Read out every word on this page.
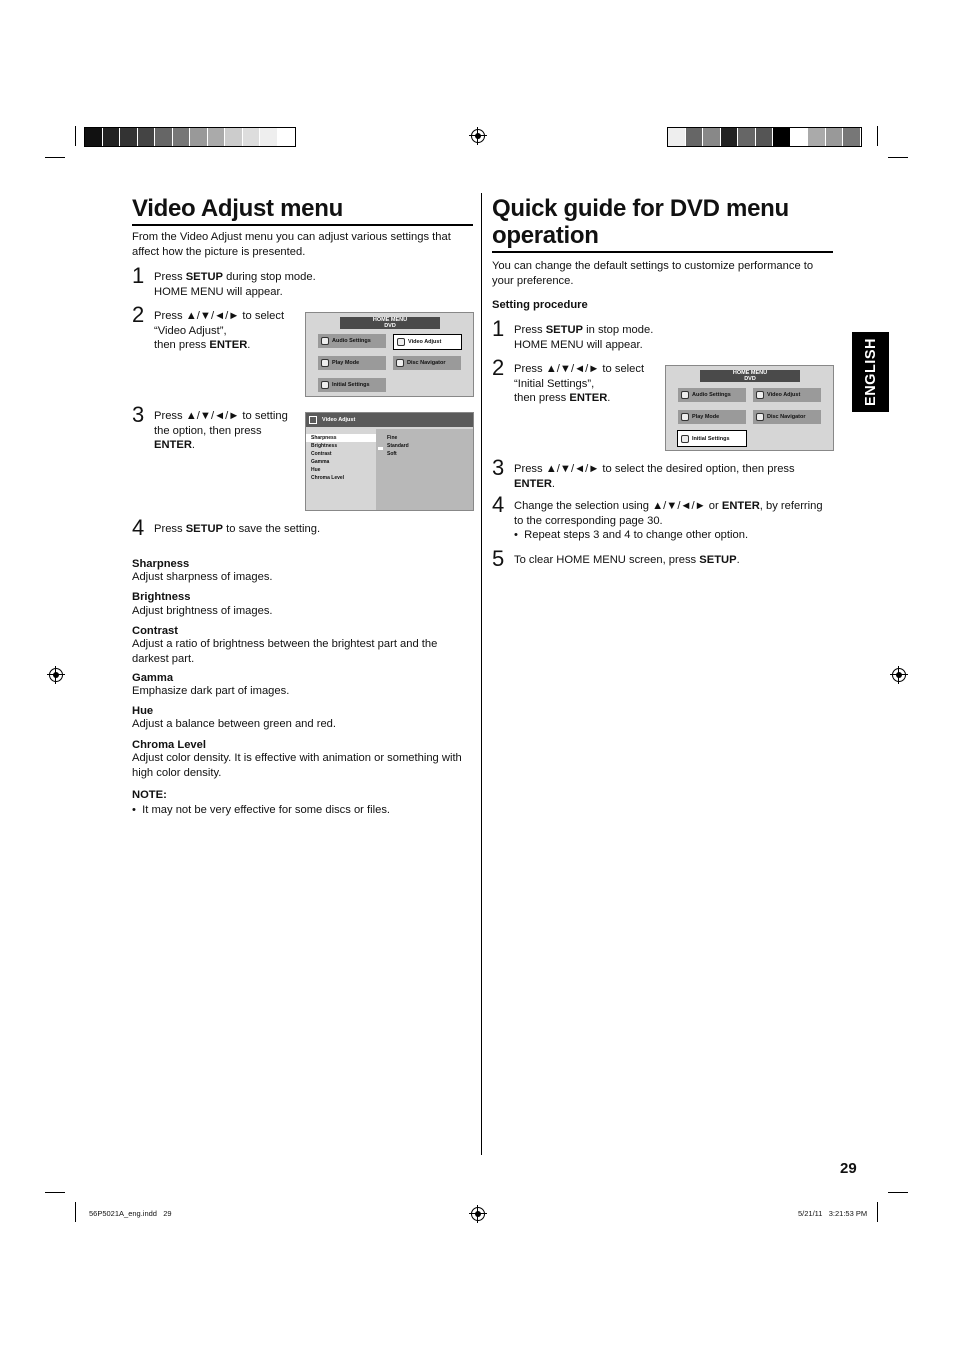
Video Adjust menu
From the Video Adjust menu you can adjust various settings that affect how the picture is presented.
1 Press SETUP during stop mode.
HOME MENU will appear.
2 Press ▲/▼/◄/► to select
“Video Adjust”,
then press ENTER.
HOME MENU
DVD
Audio Settings	Video Adjust
Play Mode	Disc Navigator
Initial Settings
3 Press ▲/▼/◄/► to setting
the option, then press
ENTER.
Video Adjust
Sharpness
Brightness
Contrast
Gamma
Hue
Chroma Level
Fine
Standard
Soft
4 Press SETUP to save the setting.
Sharpness
Adjust sharpness of images.
Brightness
Adjust brightness of images.
Contrast
Adjust a ratio of brightness between the brightest part and the
darkest part.
Gamma
Emphasize dark part of images.
Hue
Adjust a balance between green and red.
Chroma Level
Adjust color density. It is effective with animation or something with
high color density.
NOTE:
•  It may not be very effective for some discs or files.
Quick guide for DVD menu
operation
You can change the default settings to customize performance to
your preference.
Setting procedure
1 Press SETUP in stop mode.
HOME MENU will appear.
2 Press ▲/▼/◄/► to select
“Initial Settings”,
then press ENTER.
HOME MENU
DVD
Audio Settings	Video Adjust
Play Mode	Disc Navigator
Initial Settings
3 Press ▲/▼/◄/► to select the desired option, then press
ENTER.
4 Change the selection using ▲/▼/◄/► or ENTER, by referring
to the corresponding page 30.
•  Repeat steps 3 and 4 to change other option.
5 To clear HOME MENU screen, press SETUP.
ENGLISH
29
56P5021A_eng.indd   29	5/21/11   3:21:53 PM
